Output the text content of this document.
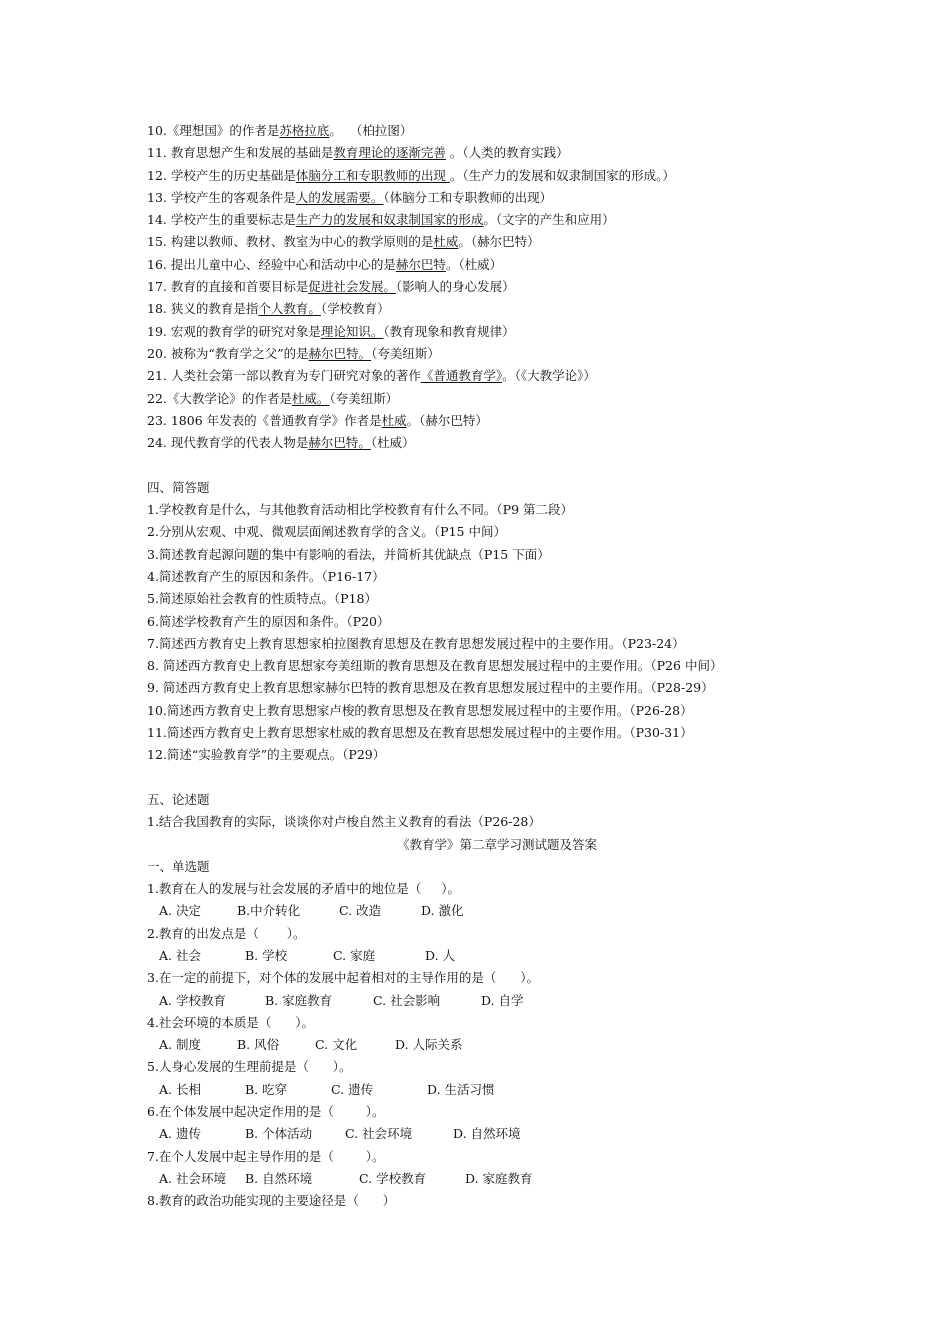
10.《理想国》的作者是苏格拉底。  （柏拉图）
11. 教育思想产生和发展的基础是教育理论的逐渐完善 。（人类的教育实践）
12. 学校产生的历史基础是体脑分工和专职教师的出现 。（生产力的发展和奴隶制国家的形成。）
13. 学校产生的客观条件是人的发展需要。（体脑分工和专职教师的出现）
14. 学校产生的重要标志是生产力的发展和奴隶制国家的形成。（文字的产生和应用）
15. 构建以教师、教材、教室为中心的教学原则的是杜威。（赫尔巴特）
16. 提出儿童中心、经验中心和活动中心的是赫尔巴特。（杜威）
17. 教育的直接和首要目标是促进社会发展。（影响人的身心发展）
18. 狭义的教育是指个人教育。（学校教育）
19. 宏观的教育学的研究对象是理论知识。（教育现象和教育规律）
20. 被称为“教育学之父”的是赫尔巴特。（夸美纽斯）
21. 人类社会第一部以教育为专门研究对象的著作《普通教育学》。（《大教学论》）
22.《大教学论》的作者是杜威。（夸美纽斯）
23. 1806 年发表的《普通教育学》作者是杜威。（赫尔巴特）
24. 现代教育学的代表人物是赫尔巴特。（杜威）
四、简答题
1.学校教育是什么，与其他教育活动相比学校教育有什么不同。（P9 第二段）
2.分别从宏观、中观、微观层面阐述教育学的含义。（P15 中间）
3.简述教育起源问题的集中有影响的看法，并简析其优缺点（P15 下面）
4.简述教育产生的原因和条件。（P16-17）
5.简述原始社会教育的性质特点。（P18）
6.简述学校教育产生的原因和条件。（P20）
7.简述西方教育史上教育思想家柏拉图教育思想及在教育思想发展过程中的主要作用。（P23-24）
8. 简述西方教育史上教育思想家夸美纽斯的教育思想及在教育思想发展过程中的主要作用。（P26 中间）
9. 简述西方教育史上教育思想家赫尔巴特的教育思想及在教育思想发展过程中的主要作用。（P28-29）
10.简述西方教育史上教育思想家卢梭的教育思想及在教育思想发展过程中的主要作用。（P26-28）
11.简述西方教育史上教育思想家杜威的教育思想及在教育思想发展过程中的主要作用。（P30-31）
12.简述“实验教育学”的主要观点。（P29）
五、论述题
1.结合我国教育的实际，谈谈你对卢梭自然主义教育的看法（P26-28）
《教育学》第二章学习测试题及答案
一、单选题
1.教育在人的发展与社会发展的矛盾中的地位是（     ）。
A. 决定	B.中介转化	C. 改造	D. 激化
2.教育的出发点是（       ）。
A. 社会	B. 学校	C. 家庭	D. 人
3.在一定的前提下，对个体的发展中起着相对的主导作用的是（      ）。
A. 学校教育	B. 家庭教育	C. 社会影响	D. 自学
4.社会环境的本质是（      ）。
A. 制度	B. 风俗	C. 文化	D. 人际关系
5.人身心发展的生理前提是（      ）。
A. 长相	B. 吃穿	C. 遗传	D. 生活习惯
6.在个体发展中起决定作用的是（        ）。
A. 遗传	B. 个体活动	C. 社会环境	D. 自然环境
7.在个人发展中起主导作用的是（        ）。
A. 社会环境 B. 自然环境	C. 学校教育	D. 家庭教育
8.教育的政治功能实现的主要途径是（      ）
